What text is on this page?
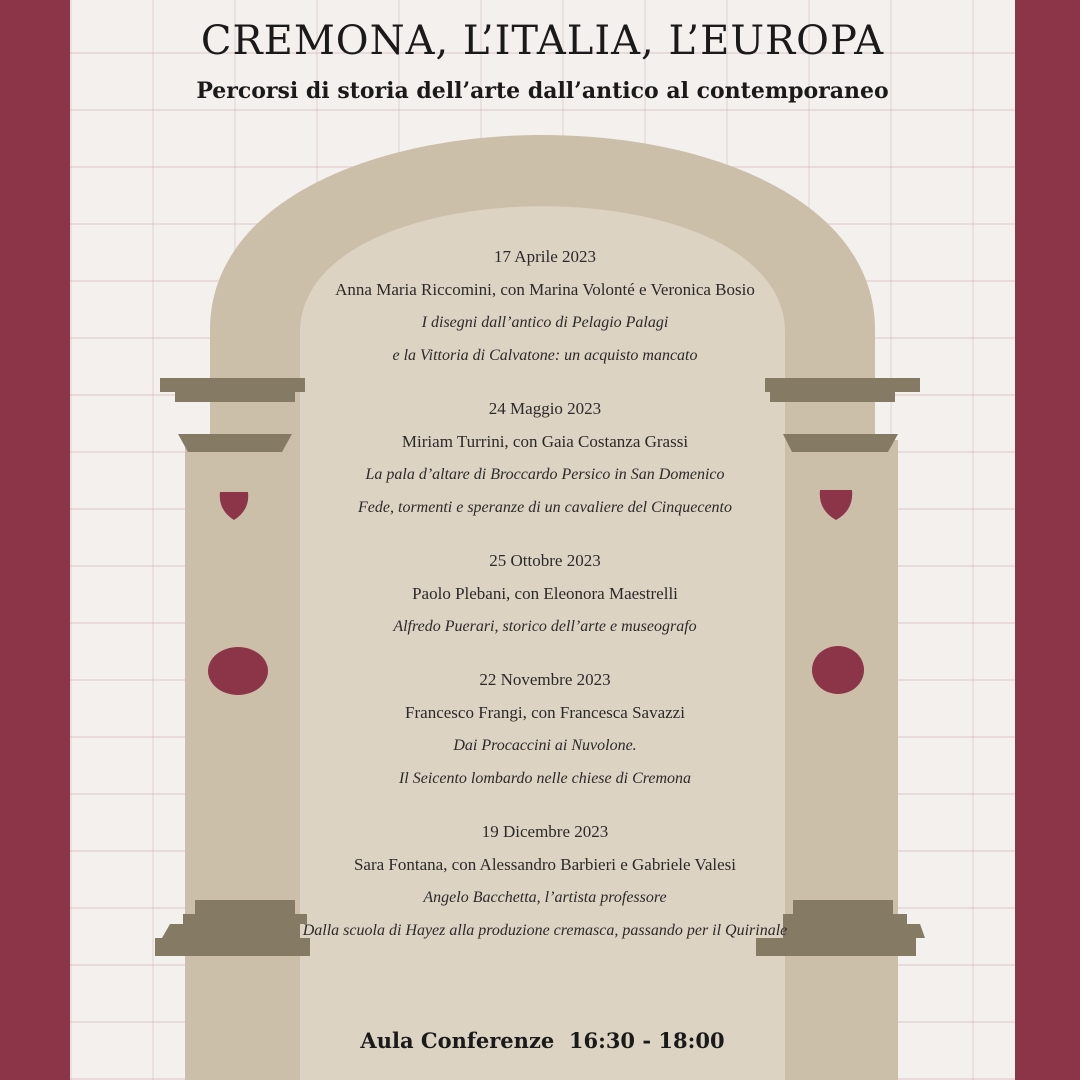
CREMONA, L’ITALIA, L’EUROPA

Percorsi di storia dell’arte dall’antico al contemporaneo

17 Aprile 2023
Anna Maria Riccomini, con Marina Volonté e Veronica Bosio
I disegni dall’antico di Pelagio Palagi
e la Vittoria di Calvatone: un acquisto mancato
24 Maggio 2023
Miriam Turrini, con Gaia Costanza Grassi
La pala d’altare di Broccardo Persico in San Domenico
Fede, tormenti e speranze di un cavaliere del Cinquecento
25 Ottobre 2023
Paolo Plebani, con Eleonora Maestrelli
Alfredo Puerari, storico dell’arte e museografo
22 Novembre 2023
Francesco Frangi, con Francesca Savazzi
Dai Procaccini ai Nuvolone.
Il Seicento lombardo nelle chiese di Cremona
19 Dicembre 2023
Sara Fontana, con Alessandro Barbieri e Gabriele Valesi
Angelo Bacchetta, l’artista professore
Dalla scuola di Hayez alla produzione cremasca, passando per il Quirinale
Aula Conferenze  16:30 - 18:00
